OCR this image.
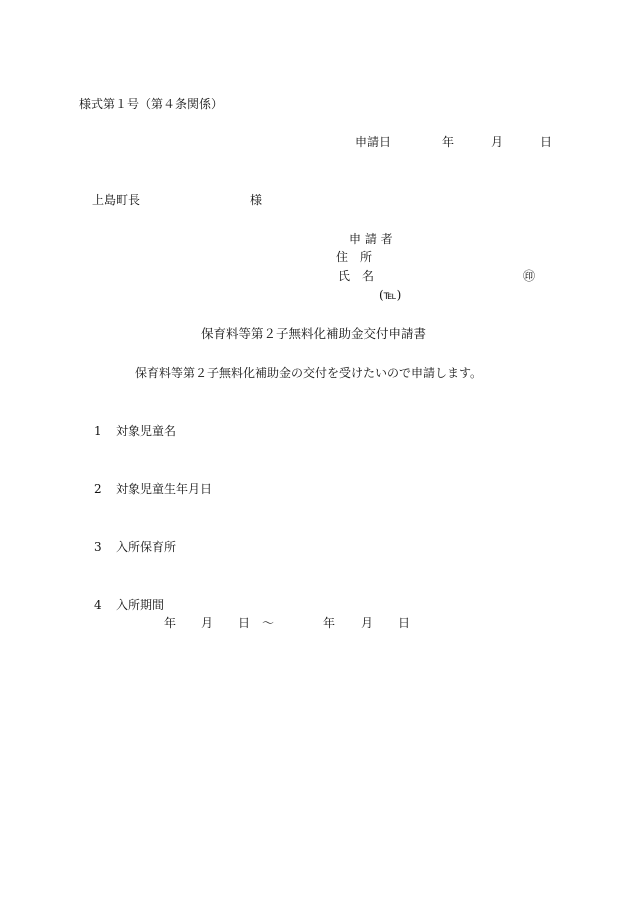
様式第１号（第４条関係）
申請日	年	月	日
上島町長	様
申 請 者
住　所
氏　名	㊞
(℡)
保育料等第２子無料化補助金交付申請書
保育料等第２子無料化補助金の交付を受けたいので申請します。
1 対象児童名
2 対象児童生年月日
3 入所保育所
4 入所期間
年 月 日 〜	年 月 日
